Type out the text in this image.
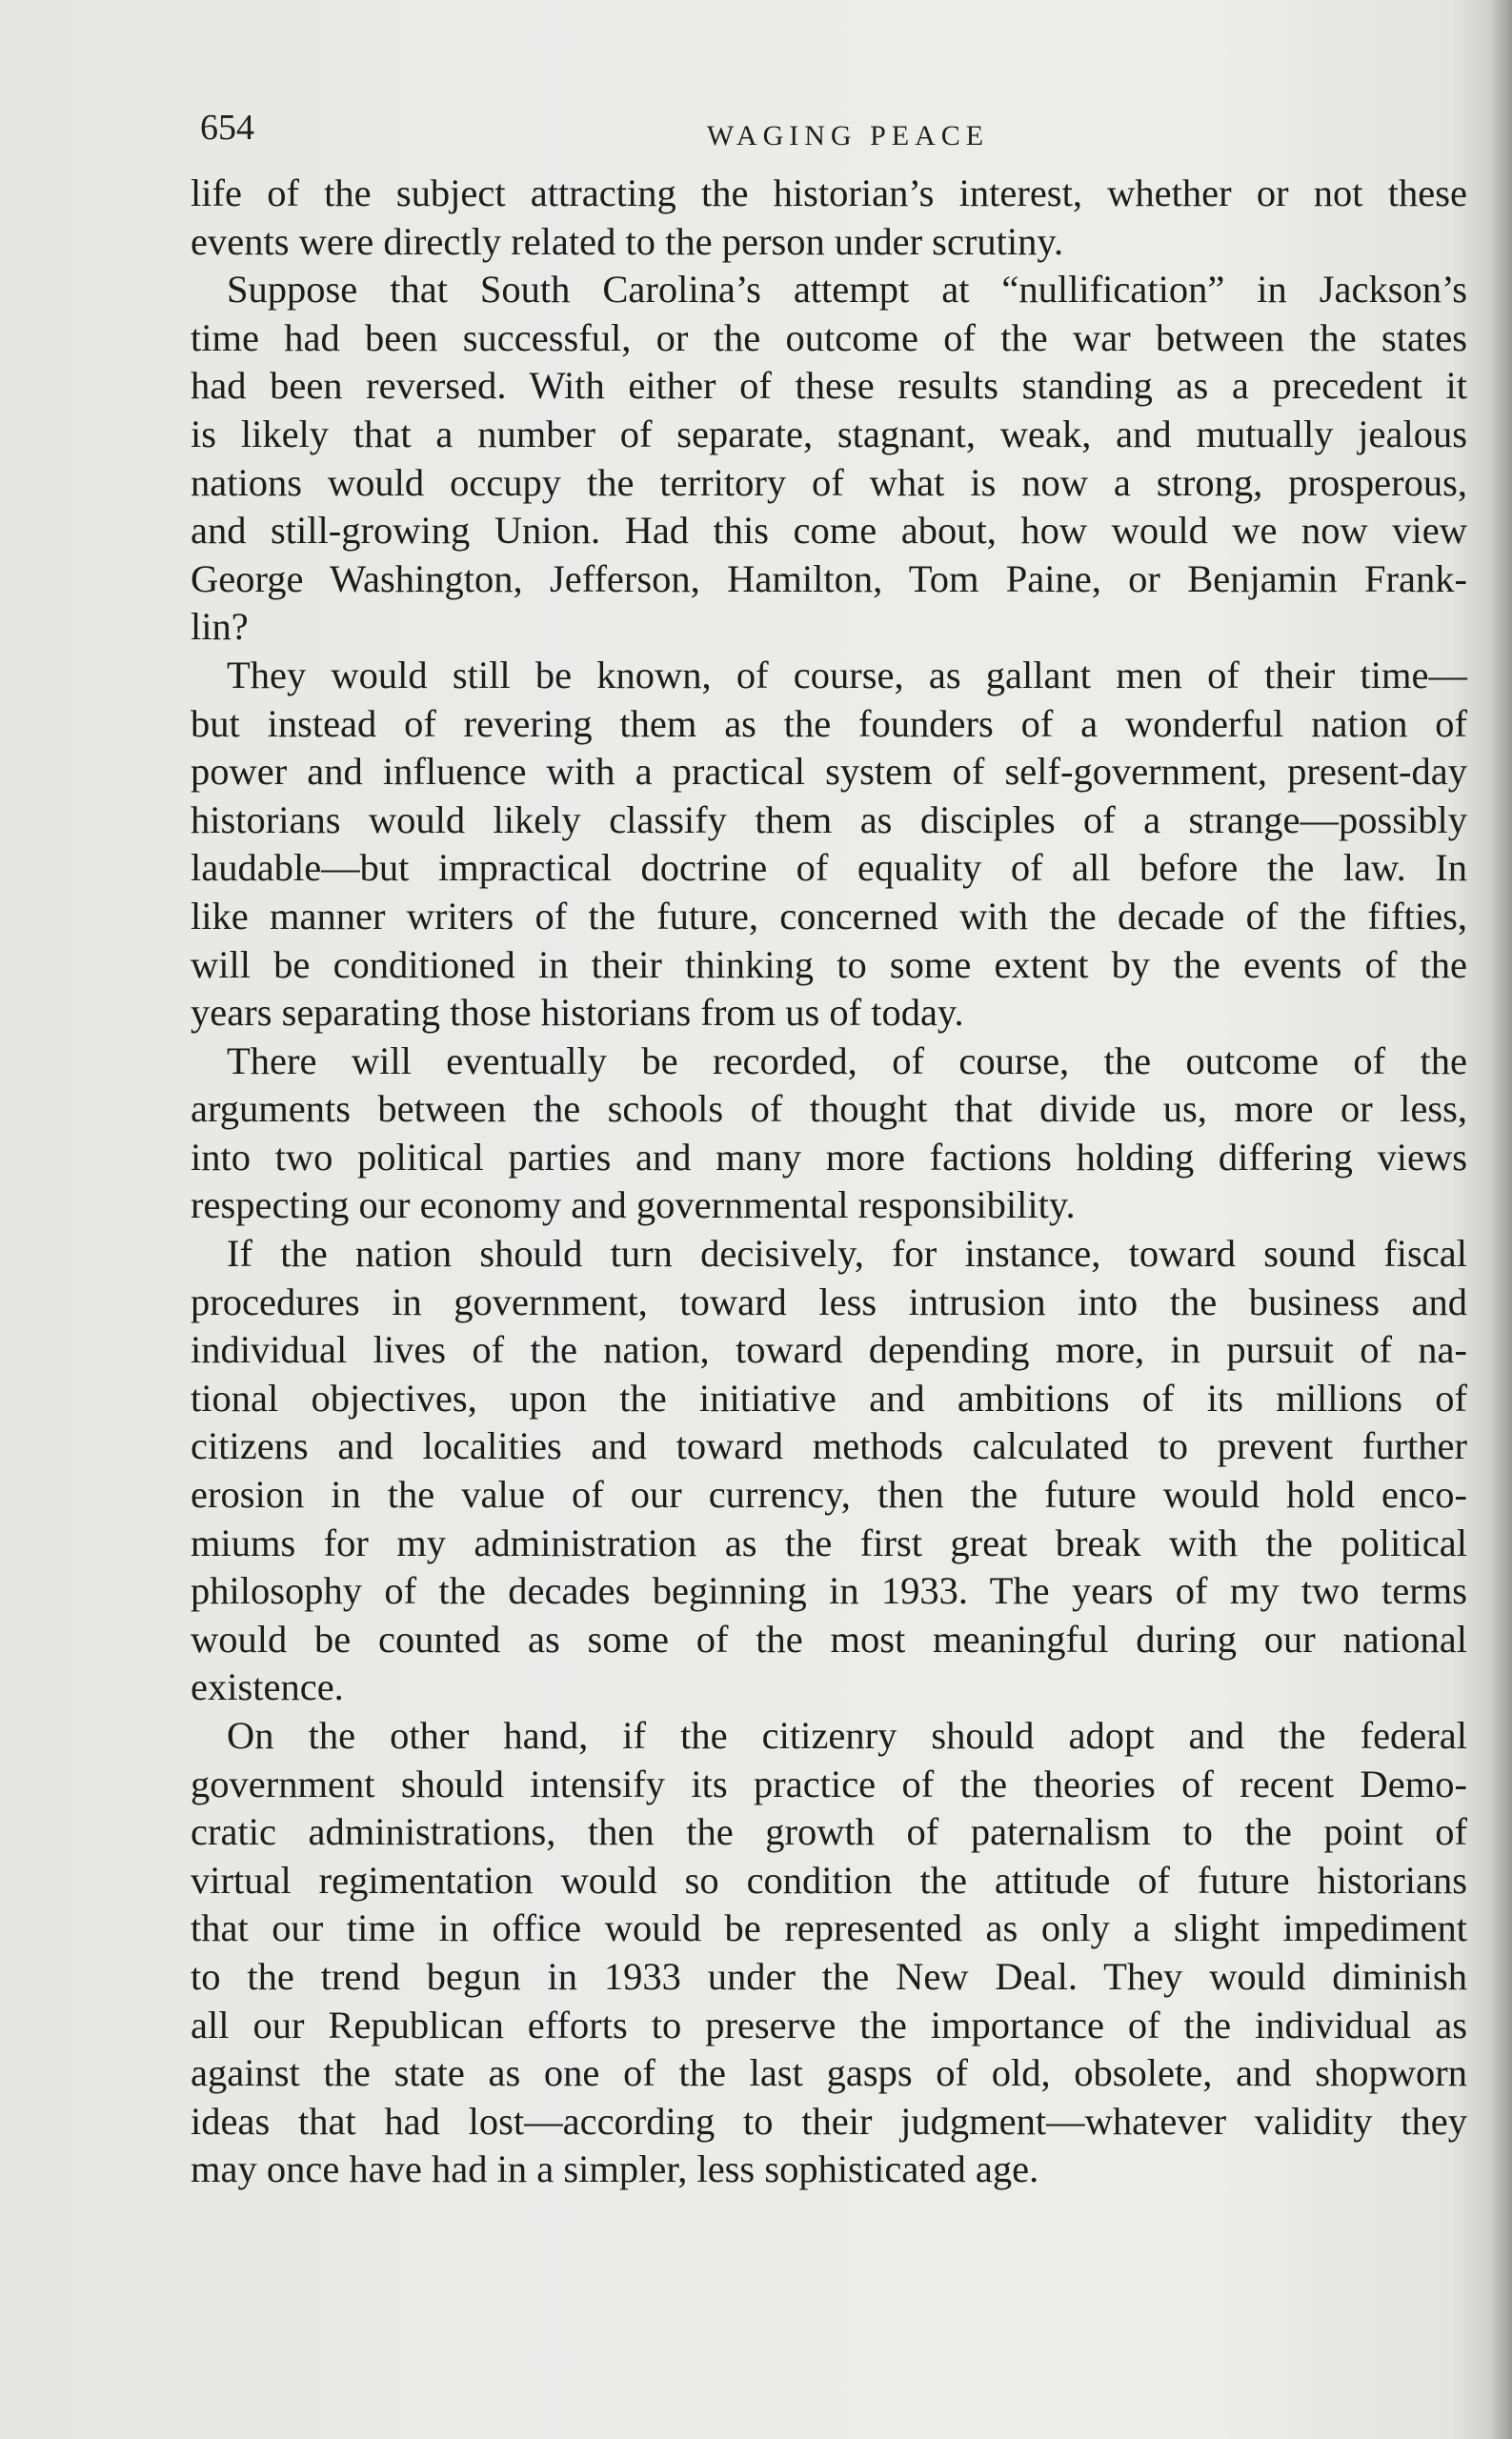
654	WAGING PEACE

life of the subject attracting the historian’s interest, whether or not these
events were directly related to the person under scrutiny.

Suppose that South Carolina’s attempt at “nullification” in Jackson’s
time had been successful, or the outcome of the war between the states
had been reversed. With either of these results standing as a precedent it
is likely that a number of separate, stagnant, weak, and mutually jealous
nations would occupy the territory of what is now a strong, prosperous,
and still-growing Union. Had this come about, how would we now view
George Washington, Jefferson, Hamilton, Tom Paine, or Benjamin Frank-
lin?

They would still be known, of course, as gallant men of their time—
but instead of revering them as the founders of a wonderful nation of
power and influence with a practical system of self-government, present-day
historians would likely classify them as disciples of a strange—possibly
laudable—but impractical doctrine of equality of all before the law. In
like manner writers of the future, concerned with the decade of the fifties,
will be conditioned in their thinking to some extent by the events of the
years separating those historians from us of today.

There will eventually be recorded, of course, the outcome of the
arguments between the schools of thought that divide us, more or less,
into two political parties and many more factions holding differing views
respecting our economy and governmental responsibility.

If the nation should turn decisively, for instance, toward sound fiscal
procedures in government, toward less intrusion into the business and
individual lives of the nation, toward depending more, in pursuit of na-
tional objectives, upon the initiative and ambitions of its millions of
citizens and localities and toward methods calculated to prevent further
erosion in the value of our currency, then the future would hold enco-
miums for my administration as the first great break with the political
philosophy of the decades beginning in 1933. The years of my two terms
would be counted as some of the most meaningful during our national
existence.

On the other hand, if the citizenry should adopt and the federal
government should intensify its practice of the theories of recent Demo-
cratic administrations, then the growth of paternalism to the point of
virtual regimentation would so condition the attitude of future historians
that our time in office would be represented as only a slight impediment
to the trend begun in 1933 under the New Deal. They would diminish
all our Republican efforts to preserve the importance of the individual as
against the state as one of the last gasps of old, obsolete, and shopworn
ideas that had lost—according to their judgment—whatever validity they
may once have had in a simpler, less sophisticated age.
